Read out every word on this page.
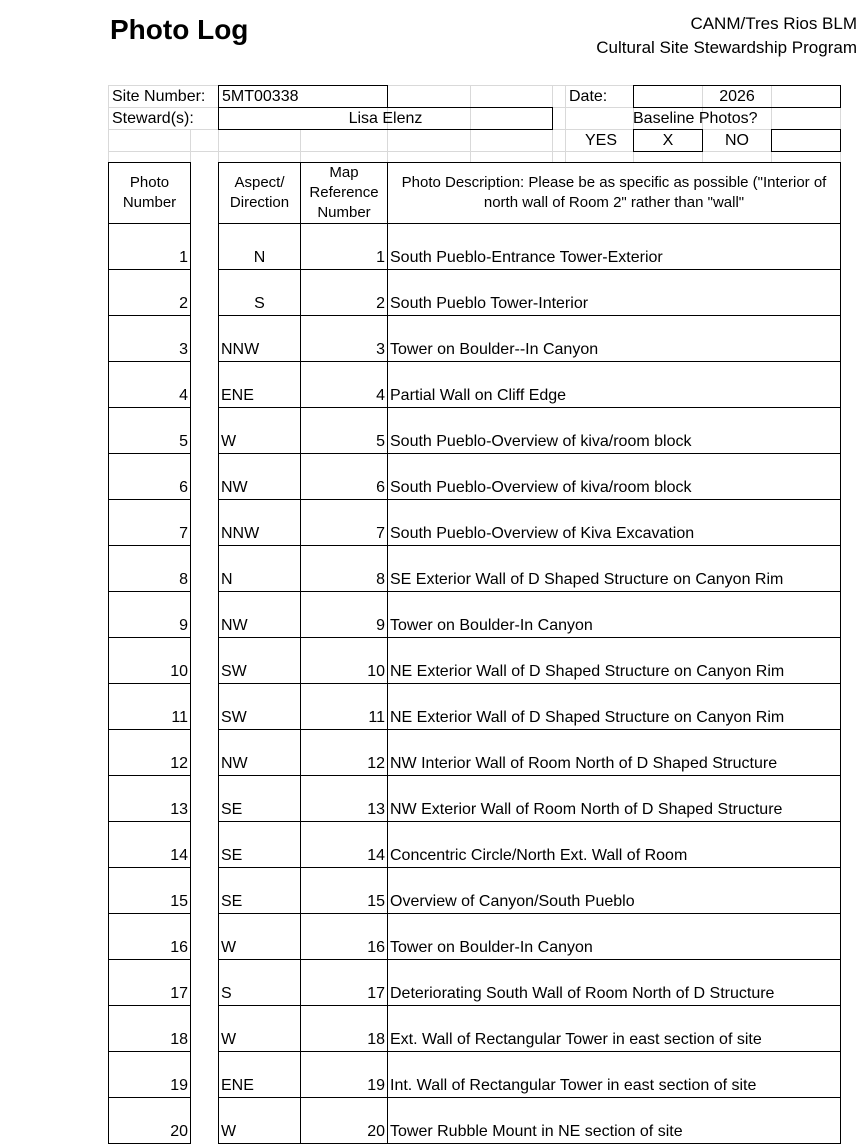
Photo Log	CANM/Tres Rios BLM
Cultural Site Stewardship Program
Site Number: 5MT00338
Steward(s):	Lisa Elenz
Date:	2026
Baseline Photos?
YES	X	NO
Photo Number		Aspect/ Direction	Map Reference Number	Photo Description: Please be as specific as possible ("Interior of north wall of Room 2" rather than "wall"
1		N	1	South Pueblo-Entrance Tower-Exterior
2		S	2	South Pueblo Tower-Interior
3		NNW	3	Tower on Boulder--In Canyon
4		ENE	4	Partial Wall on Cliff Edge
5		W	5	South Pueblo-Overview of kiva/room block
6		NW	6	South Pueblo-Overview of kiva/room block
7		NNW	7	South Pueblo-Overview of Kiva Excavation
8		N	8	SE Exterior Wall of D Shaped Structure on Canyon Rim
9		NW	9	Tower on Boulder-In Canyon
10		SW	10	NE Exterior Wall of D Shaped Structure on Canyon Rim
11		SW	11	NE Exterior Wall of D Shaped Structure on Canyon Rim
12		NW	12	NW Interior Wall of Room North of D Shaped Structure
13		SE	13	NW Exterior Wall of Room North of D Shaped Structure
14		SE	14	Concentric Circle/North Ext. Wall of Room
15		SE	15	Overview of Canyon/South Pueblo
16		W	16	Tower on Boulder-In Canyon
17		S	17	Deteriorating South Wall of Room North of D Structure
18		W	18	Ext. Wall of Rectangular Tower in east section of site
19		ENE	19	Int. Wall of Rectangular Tower in east section of site
20		W	20	Tower Rubble Mount in NE section of site
